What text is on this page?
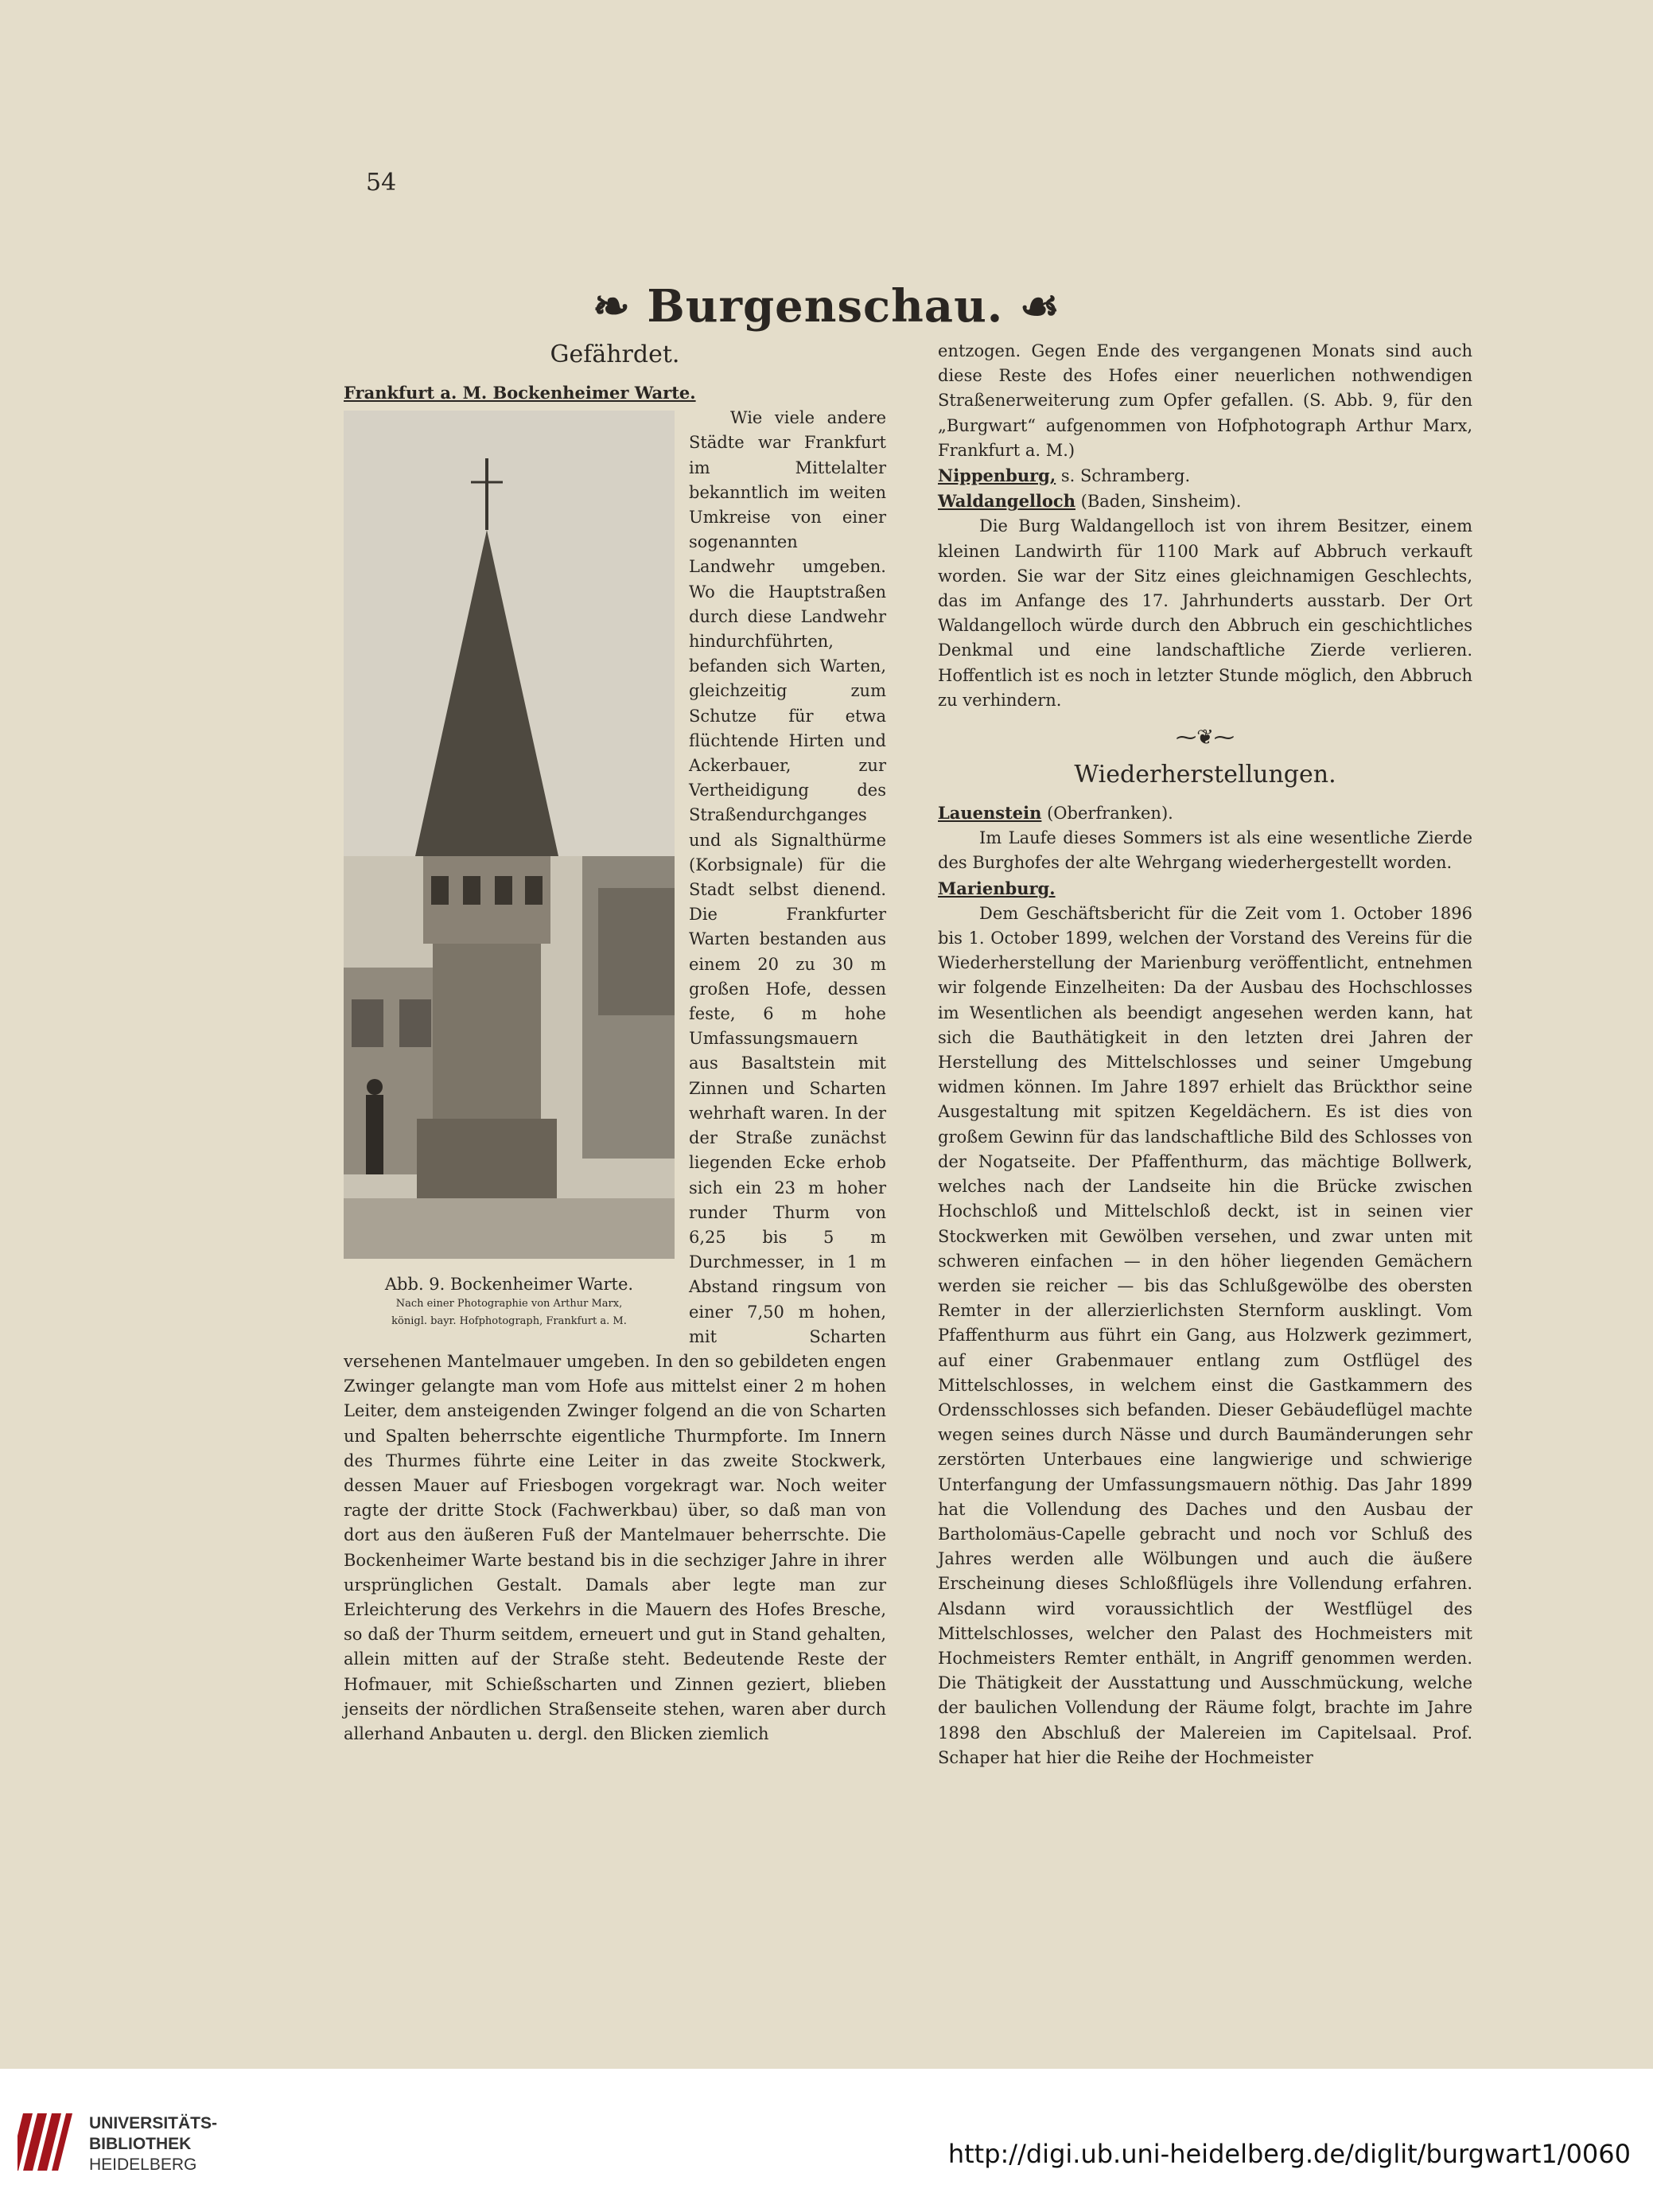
54
❧ Burgenschau. ☙
Gefährdet.

Frankfurt a. M. Bockenheimer Warte.

Abb. 9. Bockenheimer Warte.
Nach einer Photographie von Arthur Marx,
königl. bayr. Hofphotograph, Frankfurt a. M.

Wie viele andere Städte war Frankfurt im Mittelalter bekanntlich im weiten Umkreise von einer sogenannten Landwehr umgeben. Wo die Hauptstraßen durch diese Landwehr hindurchführten, befanden sich Warten, gleichzeitig zum Schutze für etwa flüchtende Hirten und Ackerbauer, zur Vertheidigung des Straßendurchganges und als Signalthürme (Korbsignale) für die Stadt selbst dienend. Die Frankfurter Warten bestanden aus einem 20 zu 30 m großen Hofe, dessen feste, 6 m hohe Umfassungsmauern aus Basaltstein mit Zinnen und Scharten wehrhaft waren. In der der Straße zunächst liegenden Ecke erhob sich ein 23 m hoher runder Thurm von 6,25 bis 5 m Durchmesser, in 1 m Abstand ringsum von einer 7,50 m hohen, mit Scharten versehenen Mantelmauer umgeben. In den so gebildeten engen Zwinger gelangte man vom Hofe aus mittelst einer 2 m hohen Leiter, dem ansteigenden Zwinger folgend an die von Scharten und Spalten beherrschte eigentliche Thurmpforte. Im Innern des Thurmes führte eine Leiter in das zweite Stockwerk, dessen Mauer auf Friesbogen vorgekragt war. Noch weiter ragte der dritte Stock (Fachwerkbau) über, so daß man von dort aus den äußeren Fuß der Mantelmauer beherrschte. Die Bockenheimer Warte bestand bis in die sechziger Jahre in ihrer ursprünglichen Gestalt. Damals aber legte man zur Erleichterung des Verkehrs in die Mauern des Hofes Bresche, so daß der Thurm seitdem, erneuert und gut in Stand gehalten, allein mitten auf der Straße steht. Bedeutende Reste der Hofmauer, mit Schießscharten und Zinnen geziert, blieben jenseits der nördlichen Straßenseite stehen, waren aber durch allerhand Anbauten u. dergl. den Blicken ziemlich

entzogen. Gegen Ende des vergangenen Monats sind auch diese Reste des Hofes einer neuerlichen nothwendigen Straßenerweiterung zum Opfer gefallen. (S. Abb. 9, für den „Burgwart“ aufgenommen von Hofphotograph Arthur Marx, Frankfurt a. M.)

Nippenburg, s. Schramberg.

Waldangelloch (Baden, Sinsheim).

Die Burg Waldangelloch ist von ihrem Besitzer, einem kleinen Landwirth für 1100 Mark auf Abbruch verkauft worden. Sie war der Sitz eines gleichnamigen Geschlechts, das im Anfange des 17. Jahrhunderts ausstarb. Der Ort Waldangelloch würde durch den Abbruch ein geschichtliches Denkmal und eine landschaftliche Zierde verlieren. Hoffentlich ist es noch in letzter Stunde möglich, den Abbruch zu verhindern.

⁓❦⁓
Wiederherstellungen.

Lauenstein (Oberfranken).

Im Laufe dieses Sommers ist als eine wesentliche Zierde des Burghofes der alte Wehrgang wiederhergestellt worden.

Marienburg.

Dem Geschäftsbericht für die Zeit vom 1. October 1896 bis 1. October 1899, welchen der Vorstand des Vereins für die Wiederherstellung der Marienburg veröffentlicht, entnehmen wir folgende Einzelheiten: Da der Ausbau des Hochschlosses im Wesentlichen als beendigt angesehen werden kann, hat sich die Bauthätigkeit in den letzten drei Jahren der Herstellung des Mittelschlosses und seiner Umgebung widmen können. Im Jahre 1897 erhielt das Brückthor seine Ausgestaltung mit spitzen Kegeldächern. Es ist dies von großem Gewinn für das landschaftliche Bild des Schlosses von der Nogatseite. Der Pfaffenthurm, das mächtige Bollwerk, welches nach der Landseite hin die Brücke zwischen Hochschloß und Mittelschloß deckt, ist in seinen vier Stockwerken mit Gewölben versehen, und zwar unten mit schweren einfachen — in den höher liegenden Gemächern werden sie reicher — bis das Schlußgewölbe des obersten Remter in der allerzierlichsten Sternform ausklingt. Vom Pfaffenthurm aus führt ein Gang, aus Holzwerk gezimmert, auf einer Grabenmauer entlang zum Ostflügel des Mittelschlosses, in welchem einst die Gastkammern des Ordensschlosses sich befanden. Dieser Gebäudeflügel machte wegen seines durch Nässe und durch Baumänderungen sehr zerstörten Unterbaues eine langwierige und schwierige Unterfangung der Umfassungsmauern nöthig. Das Jahr 1899 hat die Vollendung des Daches und den Ausbau der Bartholomäus-Capelle gebracht und noch vor Schluß des Jahres werden alle Wölbungen und auch die äußere Erscheinung dieses Schloßflügels ihre Vollendung erfahren. Alsdann wird voraussichtlich der Westflügel des Mittelschlosses, welcher den Palast des Hochmeisters mit Hochmeisters Remter enthält, in Angriff genommen werden. Die Thätigkeit der Ausstattung und Ausschmückung, welche der baulichen Vollendung der Räume folgt, brachte im Jahre 1898 den Abschluß der Malereien im Capitelsaal. Prof. Schaper hat hier die Reihe der Hochmeister

UNIVERSITÄTS-
BIBLIOTHEK
HEIDELBERG	http://digi.ub.uni-heidelberg.de/diglit/burgwart1/0060
